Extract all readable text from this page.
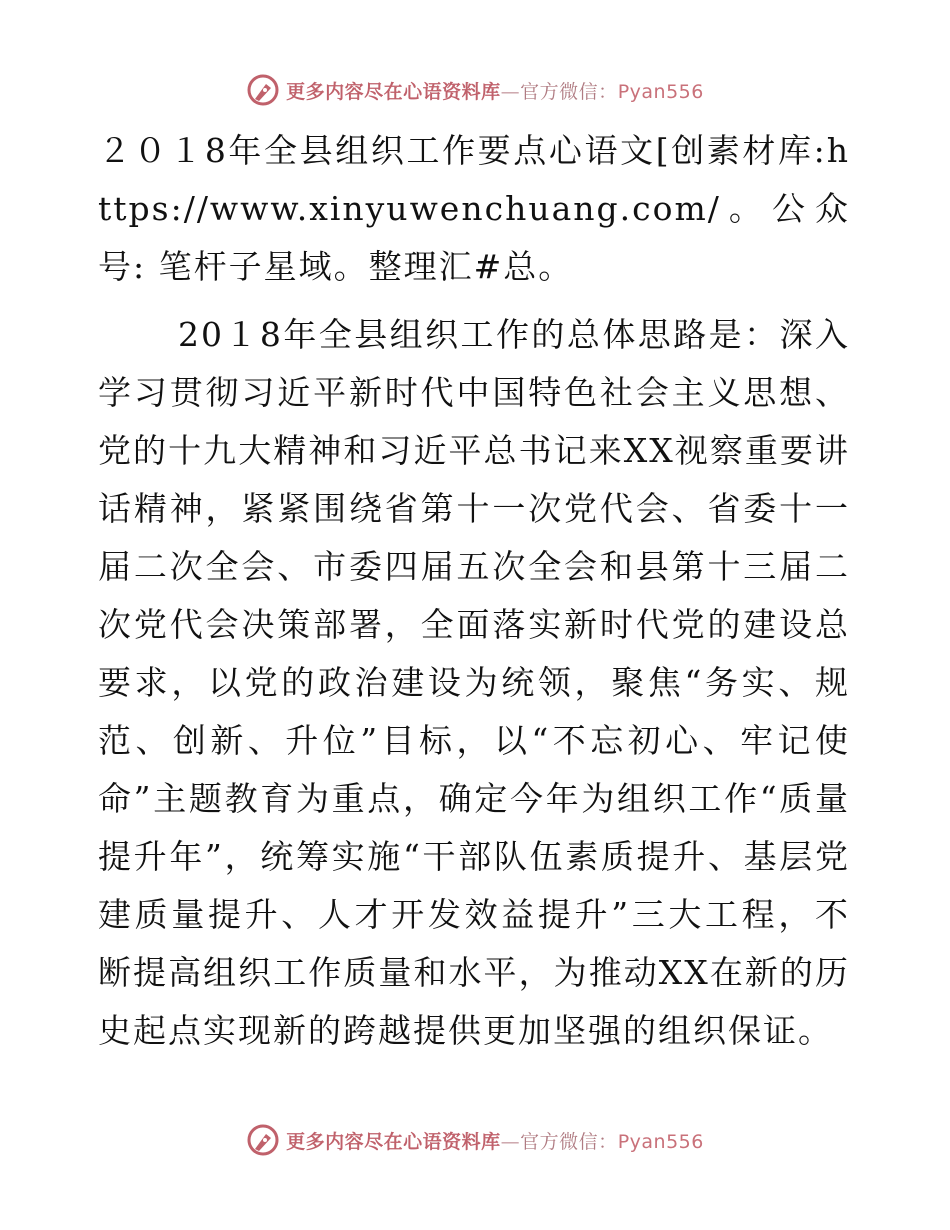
更多内容尽在心语资料库—官方微信：Pyan556

２０１8年全县组织工作要点心语文[创素材库:https://www.xinyuwenchuang.com/。公众号: 笔杆子星域。整理汇#总。

20１8年全县组织工作的总体思路是：深入学习贯彻习近平新时代中国特色社会主义思想、党的十九大精神和习近平总书记来XX视察重要讲话精神，紧紧围绕省第十一次党代会、省委十一届二次全会、市委四届五次全会和县第十三届二次党代会决策部署，全面落实新时代党的建设总要求，以党的政治建设为统领，聚焦“务实、规范、创新、升位”目标，以“不忘初心、牢记使命”主题教育为重点，确定今年为组织工作“质量提升年”，统筹实施“干部队伍素质提升、基层党建质量提升、人才开发效益提升”三大工程，不断提高组织工作质量和水平，为推动XX在新的历史起点实现新的跨越提供更加坚强的组织保证。

更多内容尽在心语资料库—官方微信：Pyan556
